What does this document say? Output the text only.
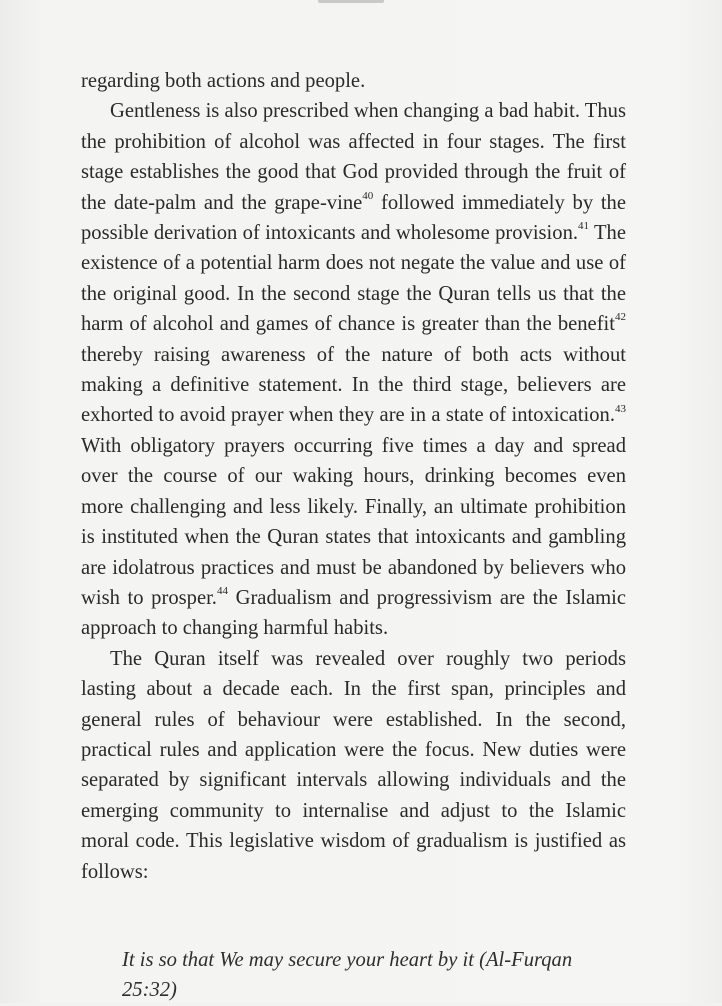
regarding both actions and people.

Gentleness is also prescribed when changing a bad habit. Thus the prohibition of alcohol was affected in four stages. The first stage establishes the good that God provided through the fruit of the date-palm and the grape-vine$^{40}$ followed immediately by the possible derivation of intoxicants and wholesome provision.$^{41}$ The existence of a potential harm does not negate the value and use of the original good. In the second stage the Quran tells us that the harm of alcohol and games of chance is greater than the benefit$^{42}$ thereby raising awareness of the nature of both acts without making a definitive statement. In the third stage, believers are exhorted to avoid prayer when they are in a state of intoxication.$^{43}$ With obligatory prayers occurring five times a day and spread over the course of our waking hours, drinking becomes even more challenging and less likely. Finally, an ultimate prohibition is instituted when the Quran states that intoxicants and gambling are idolatrous practices and must be abandoned by believers who wish to prosper.$^{44}$ Gradualism and progressivism are the Islamic approach to changing harmful habits.

The Quran itself was revealed over roughly two periods lasting about a decade each. In the first span, principles and general rules of behaviour were established. In the second, practical rules and application were the focus. New duties were separated by significant intervals allowing individuals and the emerging community to internalise and adjust to the Islamic moral code. This legislative wisdom of gradualism is justified as follows:

It is so that We may secure your heart by it (Al-Furqan 25:32)
